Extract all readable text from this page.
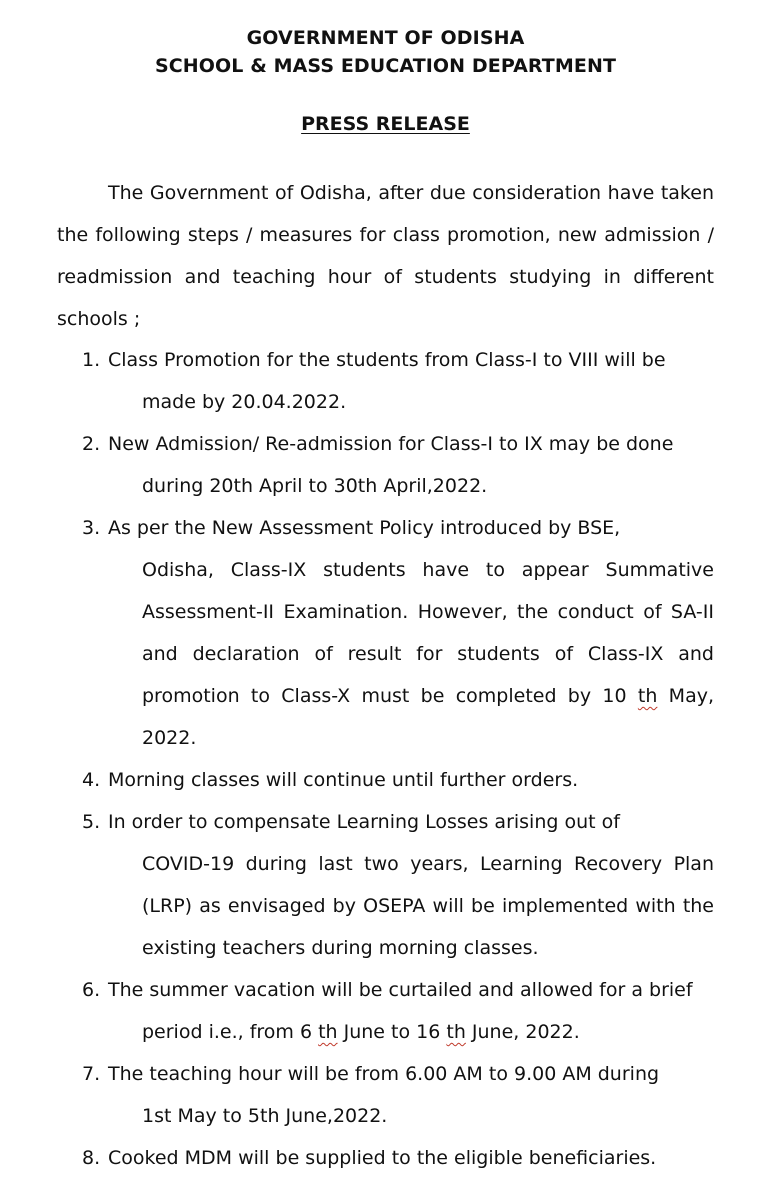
GOVERNMENT OF ODISHA
SCHOOL & MASS EDUCATION DEPARTMENT
PRESS RELEASE

The Government of Odisha, after due consideration have taken the following steps / measures for class promotion, new admission / readmission and teaching hour of students studying in different schools ;

1. Class Promotion for the students from Class-I to VIII will be
made by 20.04.2022.
2. New Admission/ Re-admission for Class-I to IX may be done
during 20th April to 30th April,2022.
3. As per the New Assessment Policy introduced by BSE,
Odisha, Class-IX students have to appear Summative Assessment-II Examination. However, the conduct of SA-II and declaration of result for students of Class-IX and promotion to Class-X must be completed by 10 th May, 2022.
4. Morning classes will continue until further orders.
5. In order to compensate Learning Losses arising out of
COVID-19 during last two years, Learning Recovery Plan (LRP) as envisaged by OSEPA will be implemented with the existing teachers during morning classes.
6. The summer vacation will be curtailed and allowed for a brief
period i.e., from 6 th June to 16 th June, 2022.
7. The teaching hour will be from 6.00 AM to 9.00 AM during
1st May to 5th June,2022.
8. Cooked MDM will be supplied to the eligible beneficiaries.
